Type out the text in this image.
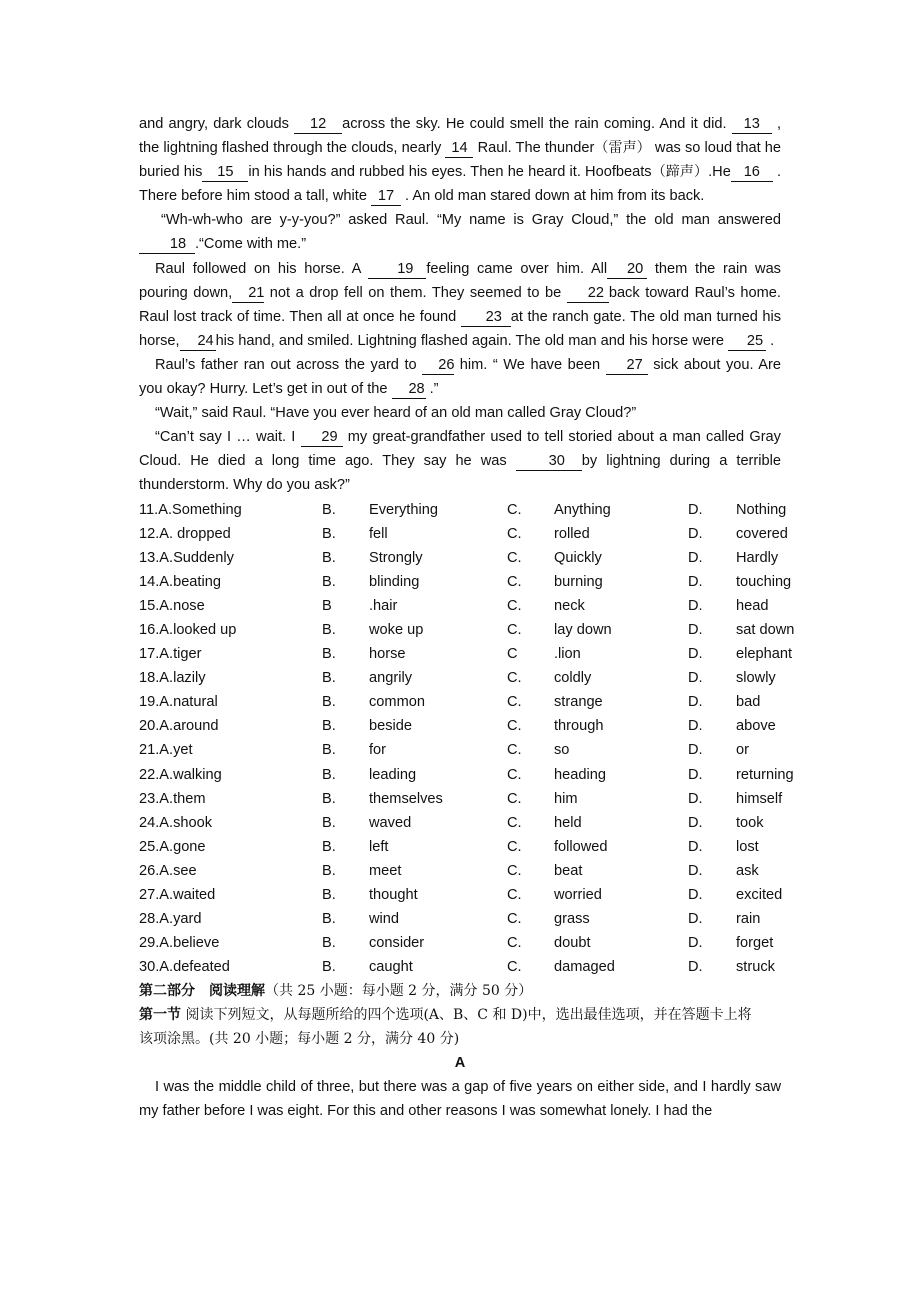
and angry, dark clouds 12 across the sky. He could smell the rain coming. And it did. 13 , the lightning flashed through the clouds, nearly 14 Raul. The thunder（雷声） was so loud that he buried his 15 in his hands and rubbed his eyes. Then he heard it. Hoofbeats（蹄声）.He 16 . There before him stood a tall, white 17 . An old man stared down at him from its back.

“Wh-wh-who are y-y-you?” asked Raul. “My name is Gray Cloud,” the old man answered 18 .“Come with me.”

Raul followed on his horse. A 19 feeling came over him. All 20 them the rain was pouring down, 21 not a drop fell on them. They seemed to be 22 back toward Raul’s home. Raul lost track of time. Then all at once he found 23 at the ranch gate. The old man turned his horse, 24 his hand, and smiled. Lightning flashed again. The old man and his horse were 25 .

Raul’s father ran out across the yard to 26 him. “ We have been 27 sick about you. Are you okay? Hurry. Let’s get in out of the 28 .”

“Wait,” said Raul. “Have you ever heard of an old man called Gray Cloud?”

“Can’t say I … wait. I 29 my great-grandfather used to tell storied about a man called Gray Cloud. He died a long time ago. They say he was 30 by lightning during a terrible thunderstorm. Why do you ask?”

11.A.Something	B. Everything	C. Anything	D. Nothing
12.A. dropped	B. fell	C. rolled	D. covered
13.A.Suddenly	B. Strongly	C. Quickly	D. Hardly
14.A.beating	B. blinding	C. burning	D. touching
15.A.nose	B	.hair	C. neck	D. head
16.A.looked up	B. woke up	C. lay down	D. sat down
17.A.tiger	B. horse	C .lion	D. elephant
18.A.lazily	B. angrily	C. coldly	D. slowly
19.A.natural	B. common	C. strange	D. bad
20.A.around	B. beside	C. through	D. above
21.A.yet	B. for	C. so	D. or
22.A.walking	B. leading	C. heading	D. returning
23.A.them	B. themselves	C. him	D. himself
24.A.shook	B. waved	C. held	D. took
25.A.gone	B. left	C. followed	D. lost
26.A.see	B. meet	C. beat	D. ask
27.A.waited	B. thought	C. worried	D. excited
28.A.yard	B. wind	C. grass	D. rain
29.A.believe	B. consider	C. doubt	D. forget
30.A.defeated	B. caught	C. damaged	D. struck

第二部分　阅读理解（共 25 小题：每小题 2 分，满分 50 分）

第一节 阅读下列短文，从每题所给的四个选项(A、B、C 和 D)中，选出最佳选项，并在答题卡上将该项涂黑。(共 20 小题；每小题 2 分，满分 40 分)

A

I was the middle child of three, but there was a gap of five years on either side, and I hardly saw my father before I was eight. For this and other reasons I was somewhat lonely. I had the
